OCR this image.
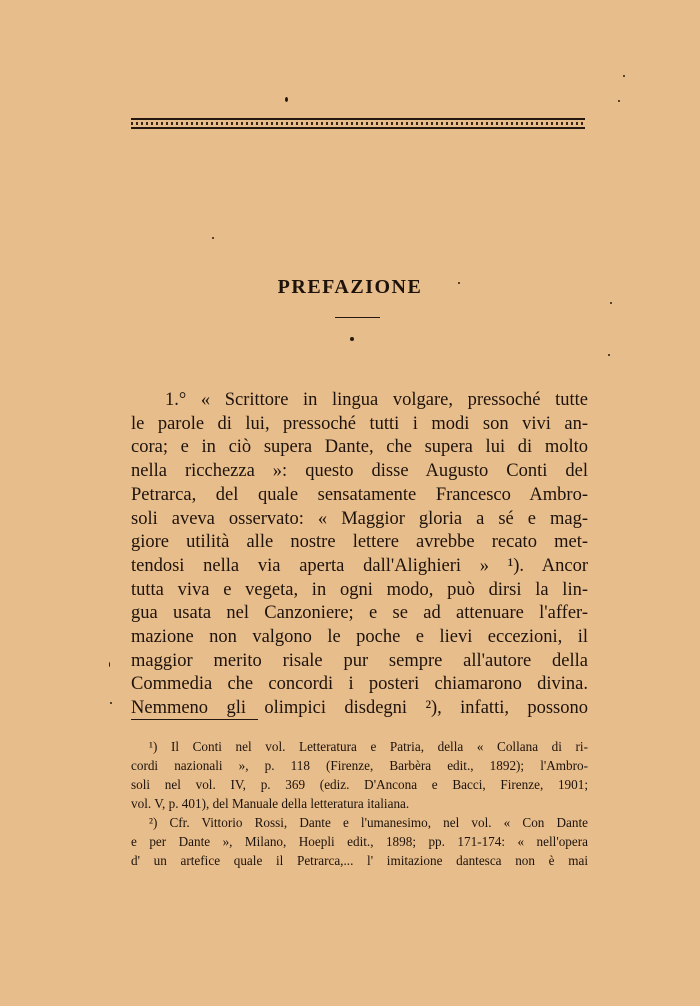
PREFAZIONE
1.° « Scrittore in lingua volgare, pressoché tutte
le parole di lui, pressoché tutti i modi son vivi an-
cora; e in ciò supera Dante, che supera lui di molto
nella ricchezza »: questo disse Augusto Conti del
Petrarca, del quale sensatamente Francesco Ambro-
soli aveva osservato: « Maggior gloria a sé e mag-
giore utilità alle nostre lettere avrebbe recato met-
tendosi nella via aperta dall'Alighieri » ¹). Ancor
tutta viva e vegeta, in ogni modo, può dirsi la lin-
gua usata nel Canzoniere; e se ad attenuare l'affer-
mazione non valgono le poche e lievi eccezioni, il
maggior merito risale pur sempre all'autore della
Commedia che concordi i posteri chiamarono divina.
Nemmeno gli olimpici disdegni ²), infatti, possono
¹) Il Conti nel vol. Letteratura e Patria, della « Collana di ri-
cordi nazionali », p. 118 (Firenze, Barbèra edit., 1892); l'Ambro-
soli nel vol. IV, p. 369 (ediz. D'Ancona e Bacci, Firenze, 1901;
vol. V, p. 401), del Manuale della letteratura italiana.
²) Cfr. Vittorio Rossi, Dante e l'umanesimo, nel vol. « Con Dante
e per Dante », Milano, Hoepli edit., 1898; pp. 171-174: « nell'opera
d' un artefice quale il Petrarca,... l' imitazione dantesca non è mai
